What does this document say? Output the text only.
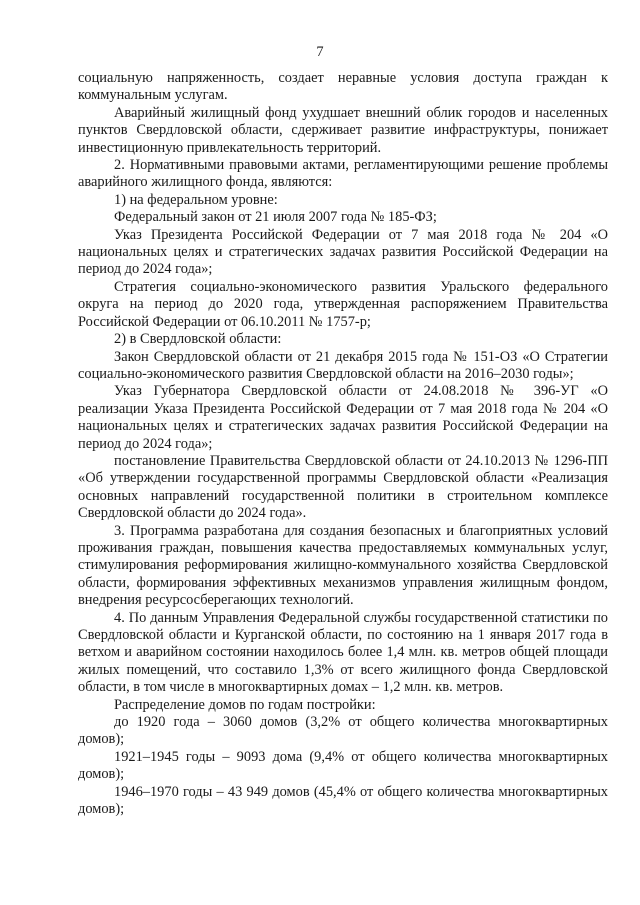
7

социальную напряженность, создает неравные условия доступа граждан к коммунальным услугам.

Аварийный жилищный фонд ухудшает внешний облик городов и населенных пунктов Свердловской области, сдерживает развитие инфраструктуры, понижает инвестиционную привлекательность территорий.

2. Нормативными правовыми актами, регламентирующими решение проблемы аварийного жилищного фонда, являются:

1) на федеральном уровне:

Федеральный закон от 21 июля 2007 года № 185-ФЗ;

Указ Президента Российской Федерации от 7 мая 2018 года № 204 «О национальных целях и стратегических задачах развития Российской Федерации на период до 2024 года»;

Стратегия социально-экономического развития Уральского федерального округа на период до 2020 года, утвержденная распоряжением Правительства Российской Федерации от 06.10.2011 № 1757-р;

2) в Свердловской области:

Закон Свердловской области от 21 декабря 2015 года № 151-ОЗ «О Стратегии социально-экономического развития Свердловской области на 2016–2030 годы»;

Указ Губернатора Свердловской области от 24.08.2018 № 396-УГ «О реализации Указа Президента Российской Федерации от 7 мая 2018 года № 204 «О национальных целях и стратегических задачах развития Российской Федерации на период до 2024 года»;

постановление Правительства Свердловской области от 24.10.2013 № 1296-ПП «Об утверждении государственной программы Свердловской области «Реализация основных направлений государственной политики в строительном комплексе Свердловской области до 2024 года».

3. Программа разработана для создания безопасных и благоприятных условий проживания граждан, повышения качества предоставляемых коммунальных услуг, стимулирования реформирования жилищно-коммунального хозяйства Свердловской области, формирования эффективных механизмов управления жилищным фондом, внедрения ресурсосберегающих технологий.

4. По данным Управления Федеральной службы государственной статистики по Свердловской области и Курганской области, по состоянию на 1 января 2017 года в ветхом и аварийном состоянии находилось более 1,4 млн. кв. метров общей площади жилых помещений, что составило 1,3% от всего жилищного фонда Свердловской области, в том числе в многоквартирных домах – 1,2 млн. кв. метров.

Распределение домов по годам постройки:

до 1920 года – 3060 домов (3,2% от общего количества многоквартирных домов);

1921–1945 годы – 9093 дома (9,4% от общего количества многоквартирных домов);

1946–1970 годы – 43 949 домов (45,4% от общего количества многоквартирных домов);
